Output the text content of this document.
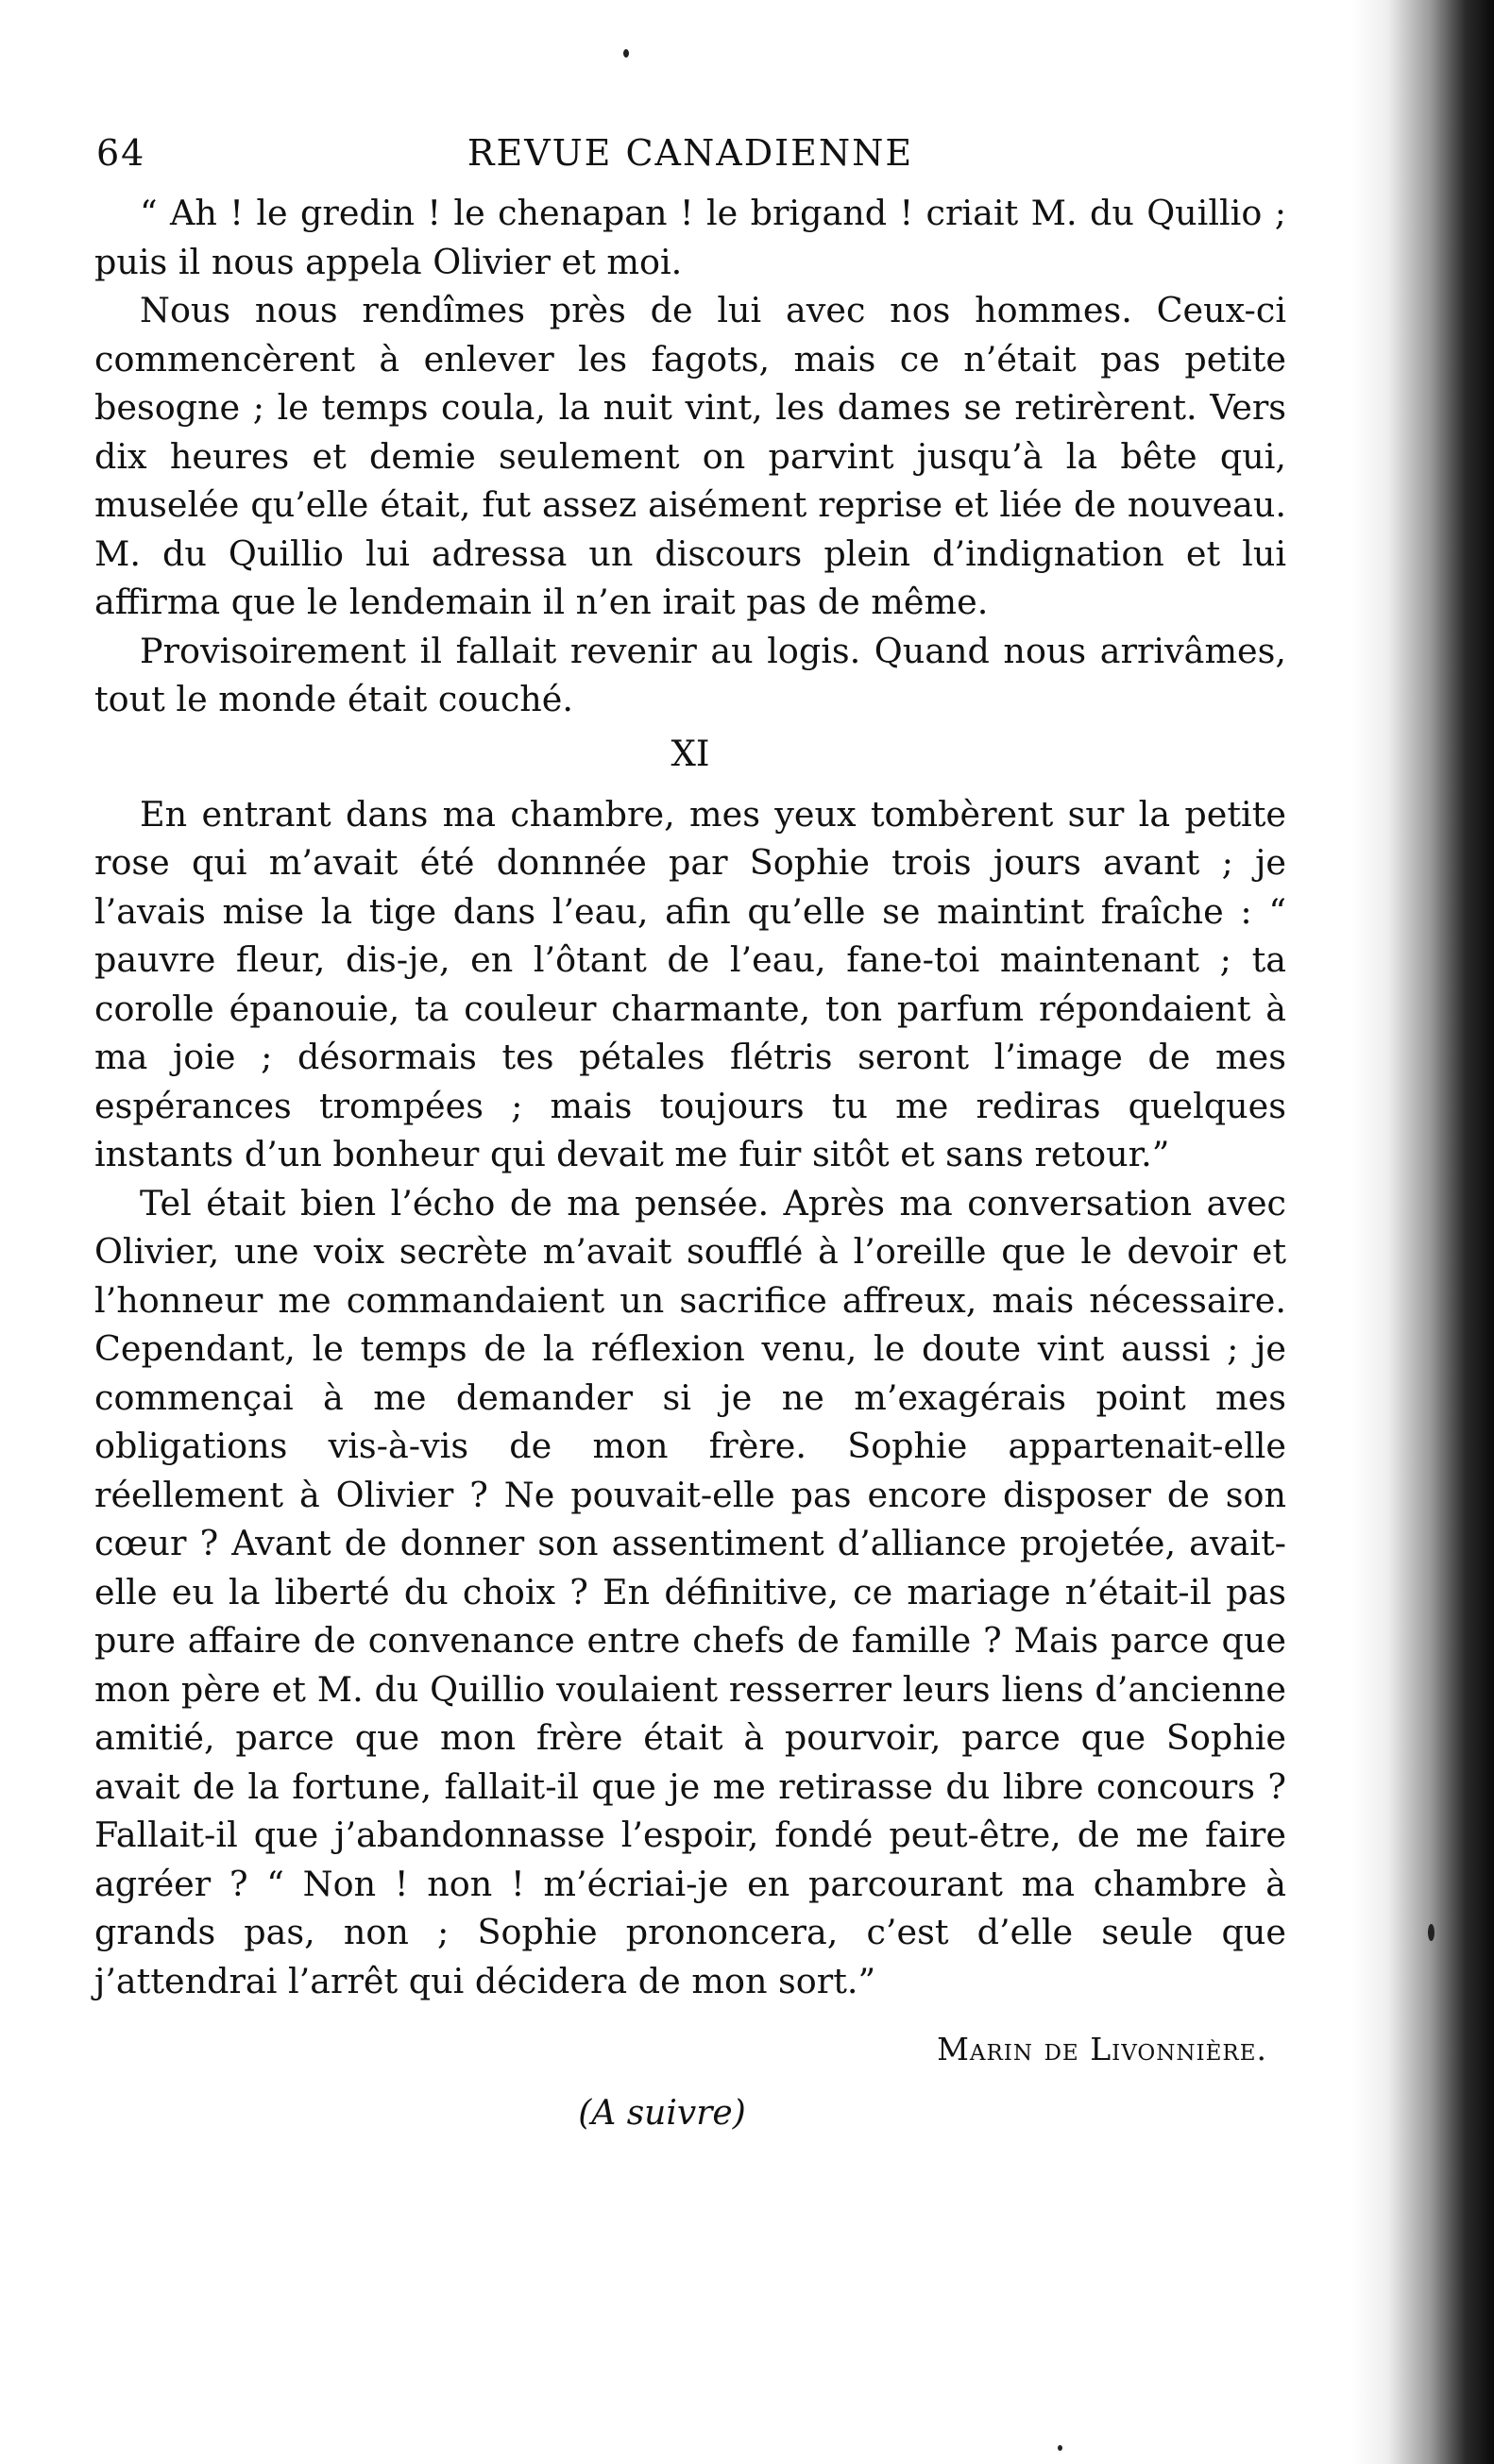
64	REVUE CANADIENNE

“ Ah ! le gredin ! le chenapan ! le brigand ! criait M. du Quillio ; puis il nous appela Olivier et moi.

Nous nous rendîmes près de lui avec nos hommes. Ceux-ci commencèrent à enlever les fagots, mais ce n’était pas petite besogne ; le temps coula, la nuit vint, les dames se retirèrent. Vers dix heures et demie seulement on parvint jusqu’à la bête qui, muselée qu’elle était, fut assez aisément reprise et liée de nouveau. M. du Quillio lui adressa un discours plein d’indignation et lui affirma que le lendemain il n’en irait pas de même.

Provisoirement il fallait revenir au logis. Quand nous arrivâmes, tout le monde était couché.

XI

En entrant dans ma chambre, mes yeux tombèrent sur la petite rose qui m’avait été donnnée par Sophie trois jours avant ; je l’avais mise la tige dans l’eau, afin qu’elle se maintint fraîche : “ pauvre fleur, dis-je, en l’ôtant de l’eau, fane-toi maintenant ; ta corolle épanouie, ta couleur charmante, ton parfum répondaient à ma joie ; désormais tes pétales flétris seront l’image de mes espérances trompées ; mais toujours tu me rediras quelques instants d’un bonheur qui devait me fuir sitôt et sans retour.”

Tel était bien l’écho de ma pensée. Après ma conversation avec Olivier, une voix secrète m’avait soufflé à l’oreille que le devoir et l’honneur me commandaient un sacrifice affreux, mais nécessaire. Cependant, le temps de la réflexion venu, le doute vint aussi ; je commençai à me demander si je ne m’exagérais point mes obligations vis-à-vis de mon frère. Sophie appartenait-elle réellement à Olivier ? Ne pouvait-elle pas encore disposer de son cœur ? Avant de donner son assentiment d’alliance projetée, avait-elle eu la liberté du choix ? En définitive, ce mariage n’était-il pas pure affaire de convenance entre chefs de famille ? Mais parce que mon père et M. du Quillio voulaient resserrer leurs liens d’ancienne amitié, parce que mon frère était à pourvoir, parce que Sophie avait de la fortune, fallait-il que je me retirasse du libre concours ? Fallait-il que j’abandonnasse l’espoir, fondé peut-être, de me faire agréer ? “ Non ! non ! m’écriai-je en parcourant ma chambre à grands pas, non ; Sophie prononcera, c’est d’elle seule que j’attendrai l’arrêt qui décidera de mon sort.”

Marin de Livonnière.
(A suivre)
